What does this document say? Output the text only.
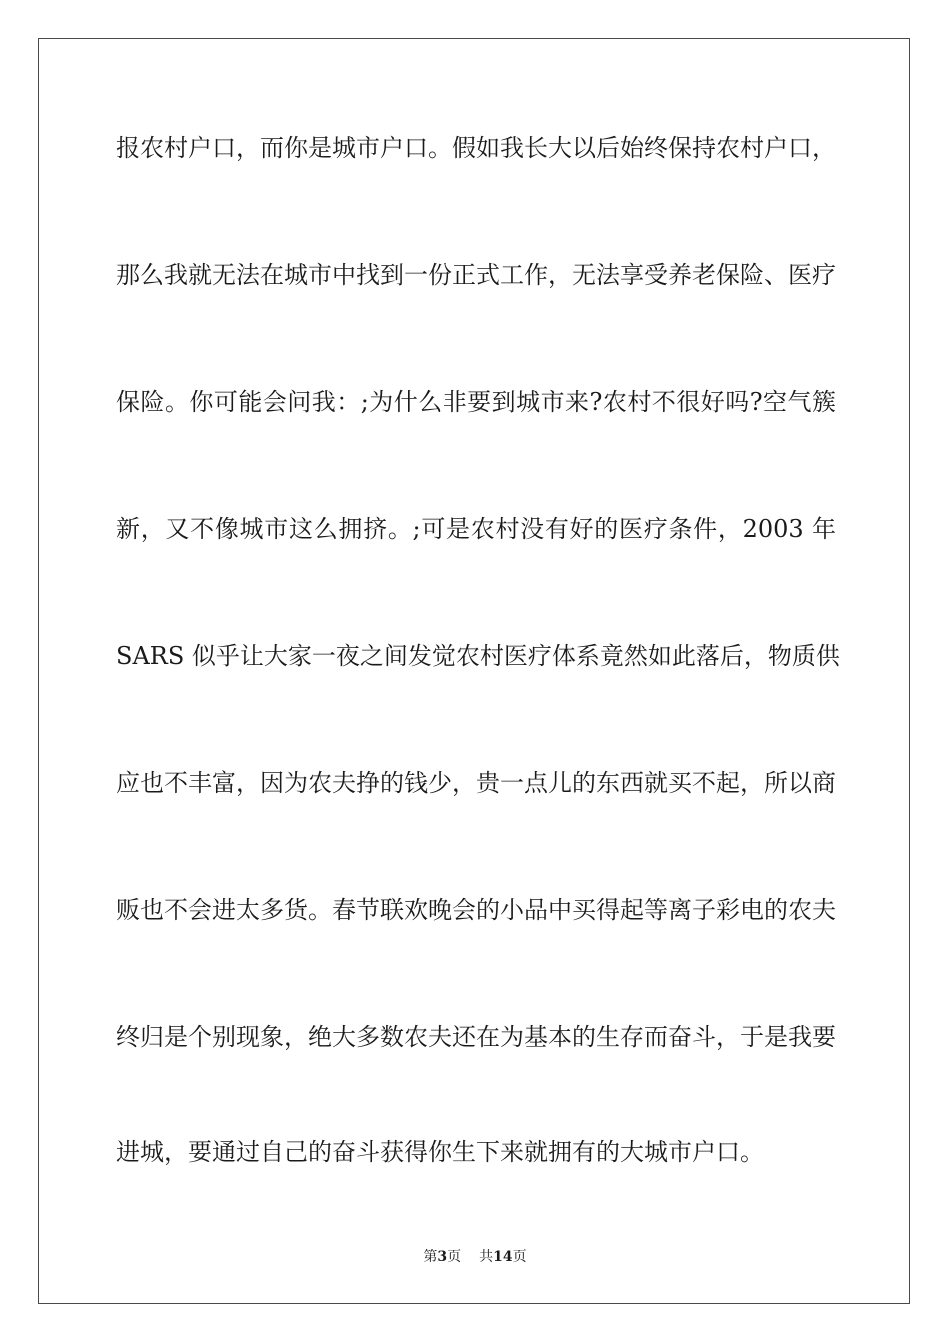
报农村户口，而你是城市户口。假如我长大以后始终保持农村户口，
那么我就无法在城市中找到一份正式工作，无法享受养老保险、医疗
保险。你可能会问我：;为什么非要到城市来?农村不很好吗?空气簇
新，又不像城市这么拥挤。;可是农村没有好的医疗条件，2003 年
SARS 似乎让大家一夜之间发觉农村医疗体系竟然如此落后，物质供
应也不丰富，因为农夫挣的钱少，贵一点儿的东西就买不起，所以商
贩也不会进太多货。春节联欢晚会的小品中买得起等离子彩电的农夫
终归是个别现象，绝大多数农夫还在为基本的生存而奋斗，于是我要
进城，要通过自己的奋斗获得你生下来就拥有的大城市户口。
第3页 共14页
